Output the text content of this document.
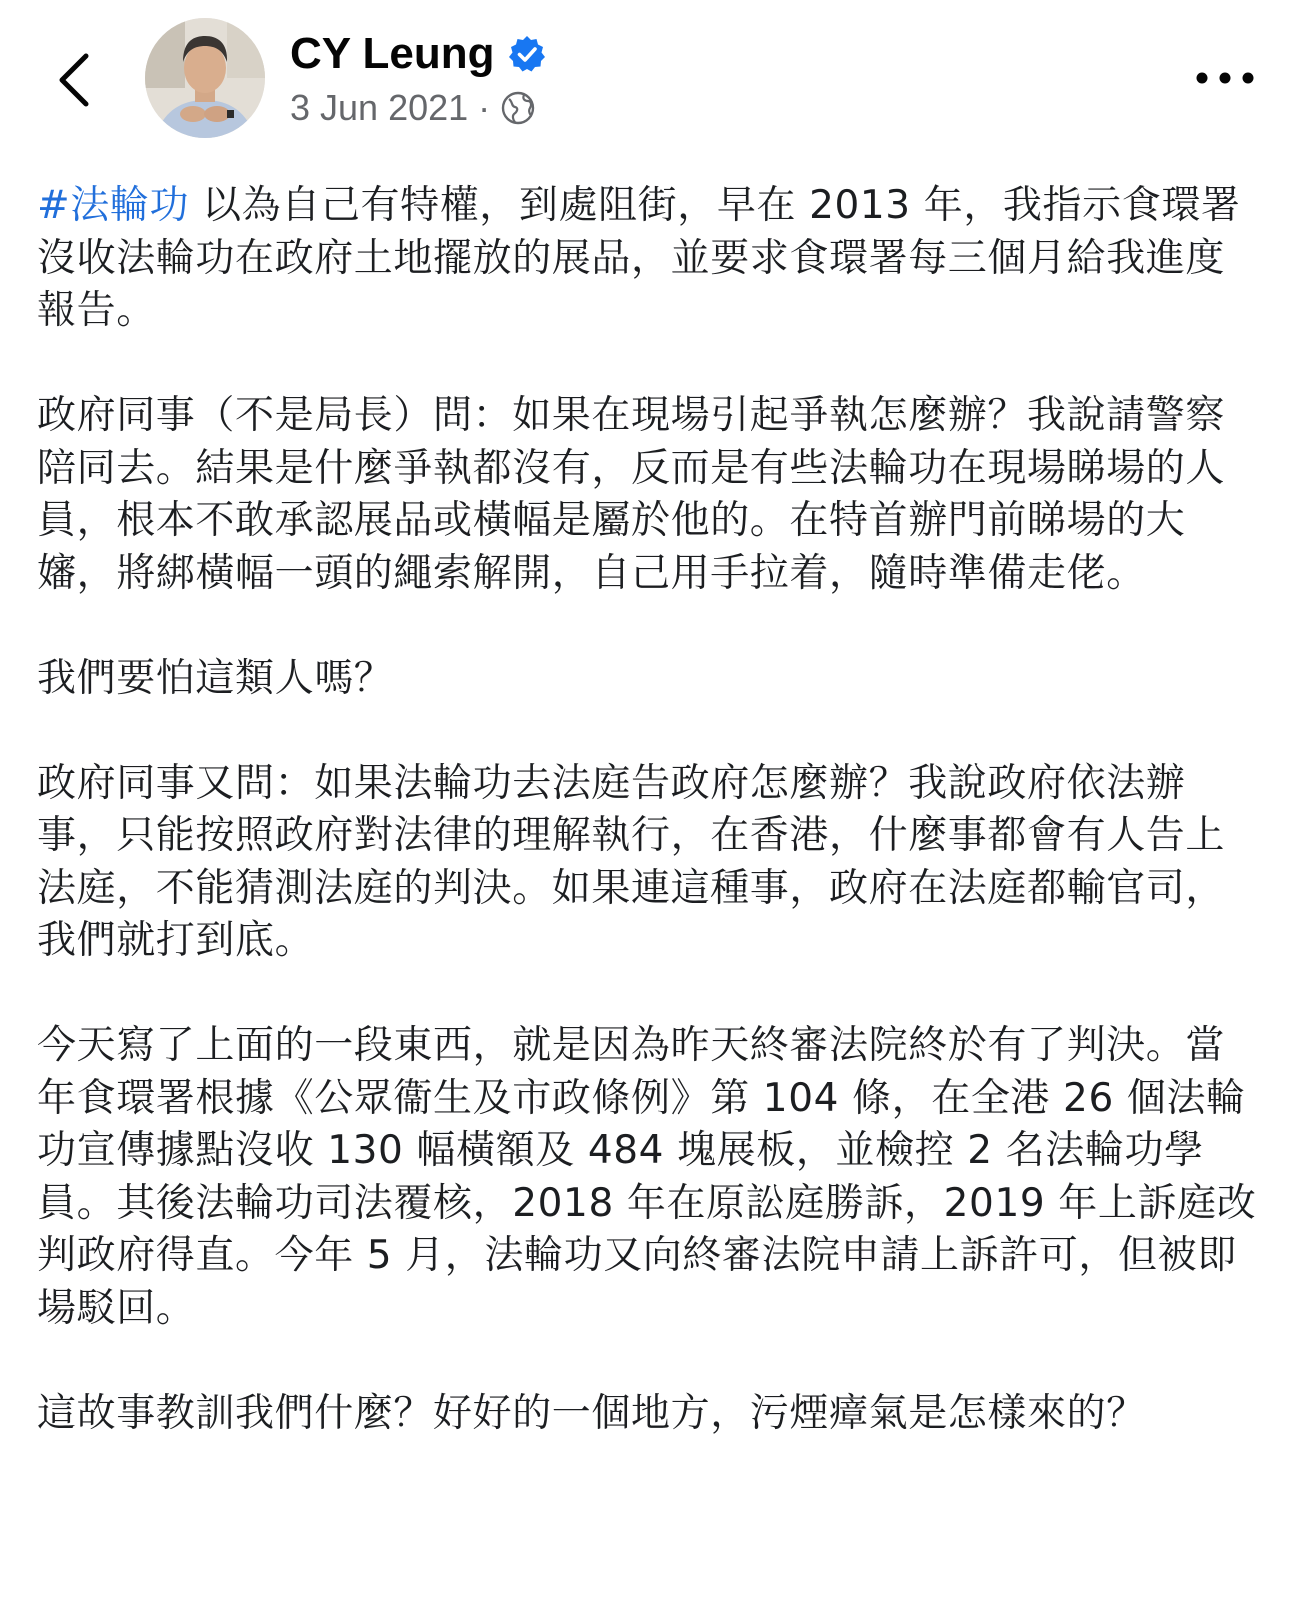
CY Leung
3 Jun 2021 ·

#法輪功 以為自己有特權，到處阻街，早在 2013 年，我指示食環署沒收法輪功在政府土地擺放的展品，並要求食環署每三個月給我進度報告。

政府同事（不是局長）問：如果在現場引起爭執怎麼辦？我說請警察陪同去。結果是什麼爭執都沒有，反而是有些法輪功在現場睇場的人員，根本不敢承認展品或橫幅是屬於他的。在特首辦門前睇場的大嬸，將綁橫幅一頭的繩索解開，自己用手拉着，隨時準備走佬。

我們要怕這類人嗎？

政府同事又問：如果法輪功去法庭告政府怎麼辦？我說政府依法辦事，只能按照政府對法律的理解執行，在香港，什麼事都會有人告上法庭，不能猜測法庭的判決。如果連這種事，政府在法庭都輸官司，我們就打到底。

今天寫了上面的一段東西，就是因為昨天終審法院終於有了判決。當年食環署根據《公眾衞生及市政條例》第 104 條，在全港 26 個法輪功宣傳據點沒收 130 幅橫額及 484 塊展板，並檢控 2 名法輪功學員。其後法輪功司法覆核，2018 年在原訟庭勝訴，2019 年上訴庭改判政府得直。今年 5 月，法輪功又向終審法院申請上訴許可，但被即場駁回。

這故事教訓我們什麼？好好的一個地方，污煙瘴氣是怎樣來的？
